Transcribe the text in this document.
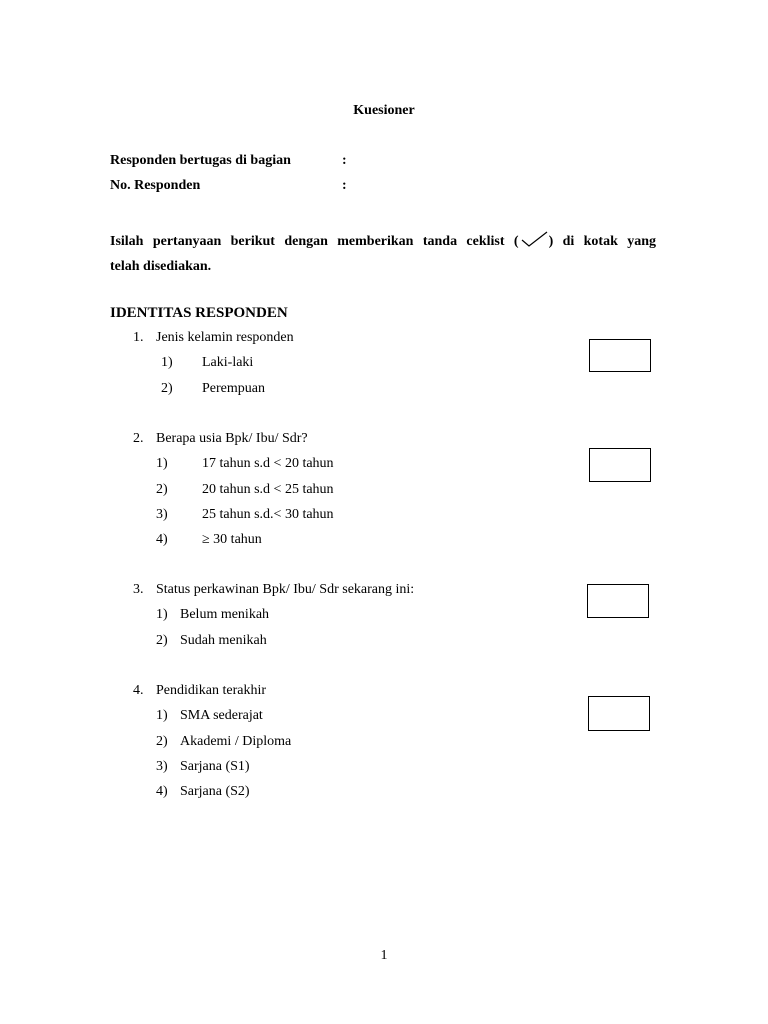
Kuesioner
Responden bertugas di bagian	:
No. Responden	:
Isilah pertanyaan berikut dengan memberikan tanda ceklist ( ) di kotak yang
telah disediakan.
IDENTITAS RESPONDEN
1. Jenis kelamin responden
1) Laki-laki
2) Perempuan
2. Berapa usia Bpk/ Ibu/ Sdr?
1) 17 tahun s.d < 20 tahun
2) 20 tahun s.d < 25 tahun
3) 25 tahun s.d.< 30 tahun
4) ≥ 30 tahun
3. Status perkawinan Bpk/ Ibu/ Sdr sekarang ini:
1) Belum menikah
2) Sudah menikah
4. Pendidikan terakhir
1) SMA sederajat
2) Akademi / Diploma
3) Sarjana (S1)
4) Sarjana (S2)
1
